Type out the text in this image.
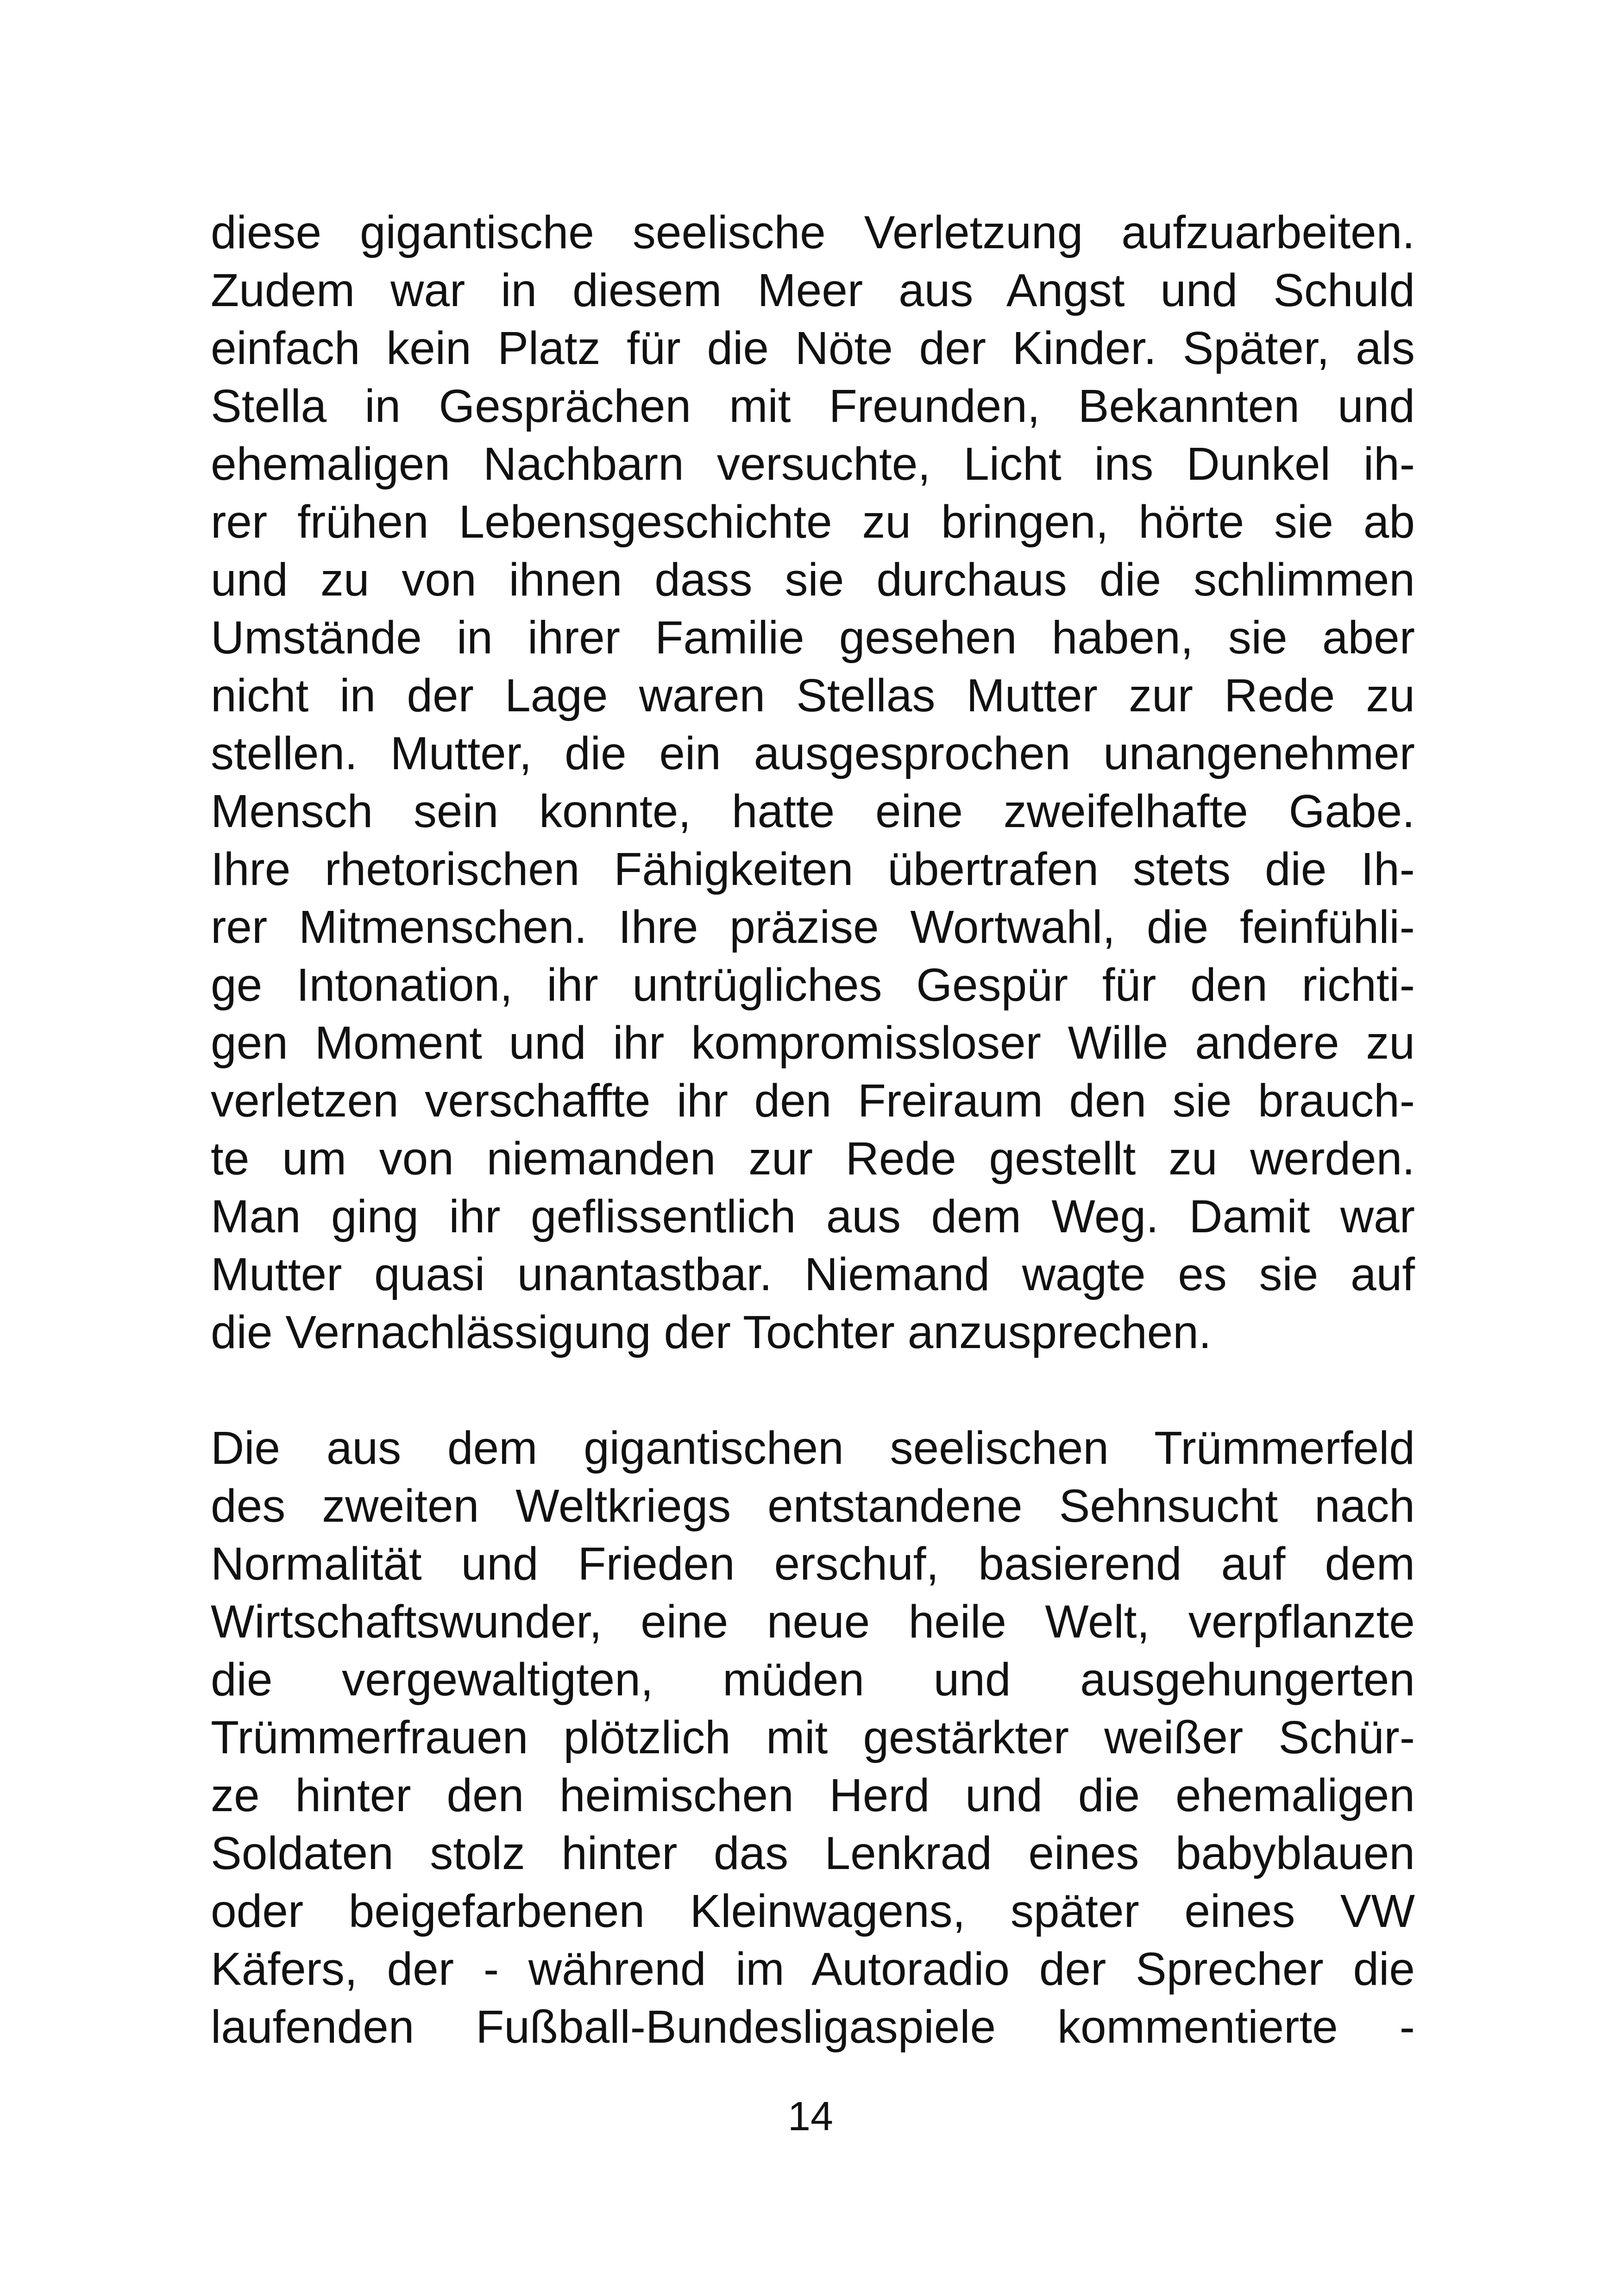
diese gigantische seelische Verletzung aufzuarbeiten.
Zudem war in diesem Meer aus Angst und Schuld
einfach kein Platz für die Nöte der Kinder. Später, als
Stella in Gesprächen mit Freunden, Bekannten und
ehemaligen Nachbarn versuchte, Licht ins Dunkel ih-
rer frühen Lebensgeschichte zu bringen, hörte sie ab
und zu von ihnen dass sie durchaus die schlimmen
Umstände in ihrer Familie gesehen haben, sie aber
nicht in der Lage waren Stellas Mutter zur Rede zu
stellen. Mutter, die ein ausgesprochen unangenehmer
Mensch sein konnte, hatte eine zweifelhafte Gabe.
Ihre rhetorischen Fähigkeiten übertrafen stets die Ih-
rer Mitmenschen. Ihre präzise Wortwahl, die feinfühli-
ge Intonation, ihr untrügliches Gespür für den richti-
gen Moment und ihr kompromissloser Wille andere zu
verletzen verschaffte ihr den Freiraum den sie brauch-
te um von niemanden zur Rede gestellt zu werden.
Man ging ihr geflissentlich aus dem Weg. Damit war
Mutter quasi unantastbar. Niemand wagte es sie auf
die Vernachlässigung der Tochter anzusprechen.
Die aus dem gigantischen seelischen Trümmerfeld
des zweiten Weltkriegs entstandene Sehnsucht nach
Normalität und Frieden erschuf, basierend auf dem
Wirtschaftswunder, eine neue heile Welt, verpflanzte
die vergewaltigten, müden und ausgehungerten
Trümmerfrauen plötzlich mit gestärkter weißer Schür-
ze hinter den heimischen Herd und die ehemaligen
Soldaten stolz hinter das Lenkrad eines babyblauen
oder beigefarbenen Kleinwagens, später eines VW
Käfers, der - während im Autoradio der Sprecher die
laufenden Fußball-Bundesligaspiele kommentierte -
14
